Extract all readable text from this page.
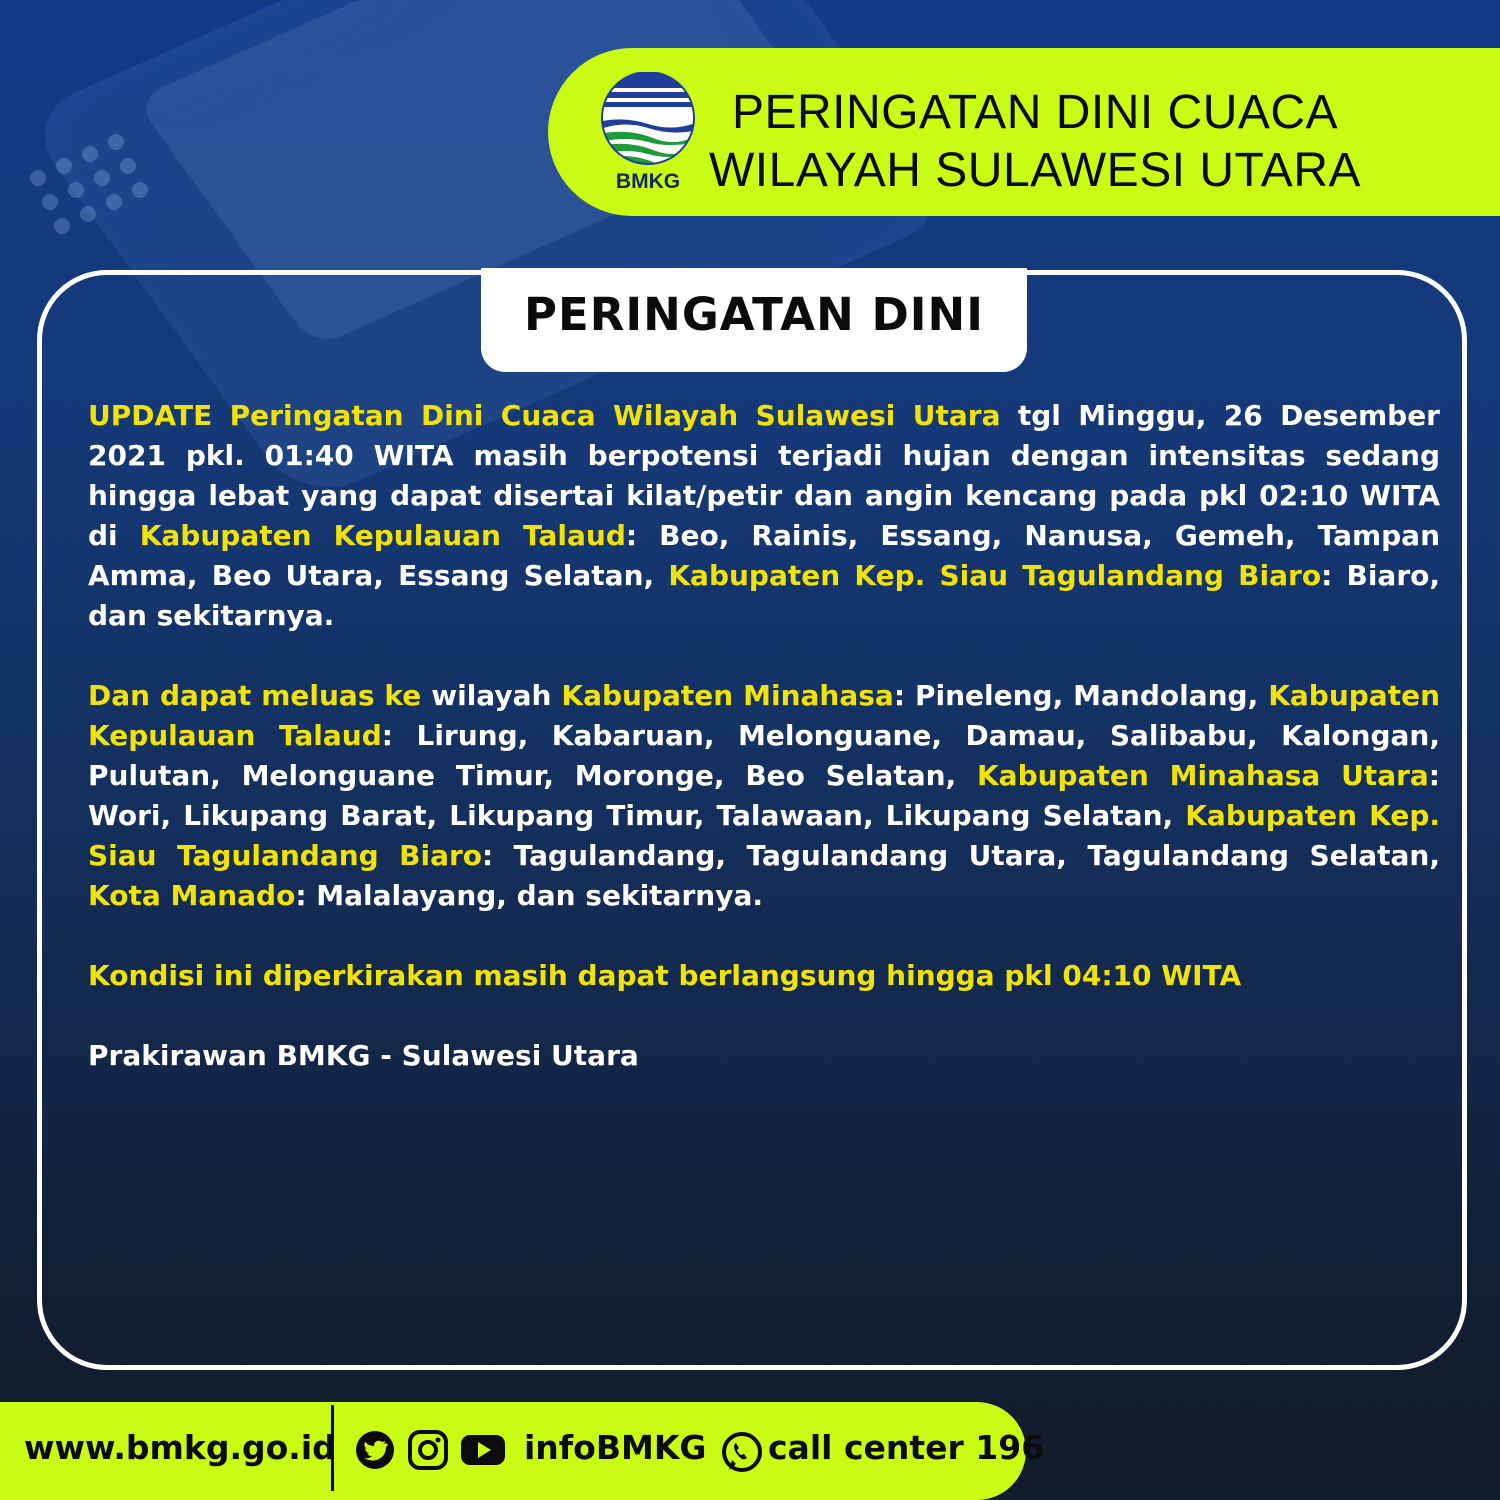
BMKG
PERINGATAN DINI CUACA
WILAYAH SULAWESI UTARA
PERINGATAN DINI

UPDATE Peringatan Dini Cuaca Wilayah Sulawesi Utara tgl Minggu, 26 Desember 2021 pkl. 01:40 WITA masih berpotensi terjadi hujan dengan intensitas sedang hingga lebat yang dapat disertai kilat/petir dan angin kencang pada pkl 02:10 WITA di Kabupaten Kepulauan Talaud: Beo, Rainis, Essang, Nanusa, Gemeh, Tampan Amma, Beo Utara, Essang Selatan, Kabupaten Kep. Siau Tagulandang Biaro: Biaro, dan sekitarnya.

Dan dapat meluas ke wilayah Kabupaten Minahasa: Pineleng, Mandolang, Kabupaten Kepulauan Talaud: Lirung, Kabaruan, Melonguane, Damau, Salibabu, Kalongan, Pulutan, Melonguane Timur, Moronge, Beo Selatan, Kabupaten Minahasa Utara: Wori, Likupang Barat, Likupang Timur, Talawaan, Likupang Selatan, Kabupaten Kep. Siau Tagulandang Biaro: Tagulandang, Tagulandang Utara, Tagulandang Selatan, Kota Manado: Malalayang, dan sekitarnya.

Kondisi ini diperkirakan masih dapat berlangsung hingga pkl 04:10 WITA

Prakirawan BMKG - Sulawesi Utara

www.bmkg.go.id	infoBMKG call center 196
